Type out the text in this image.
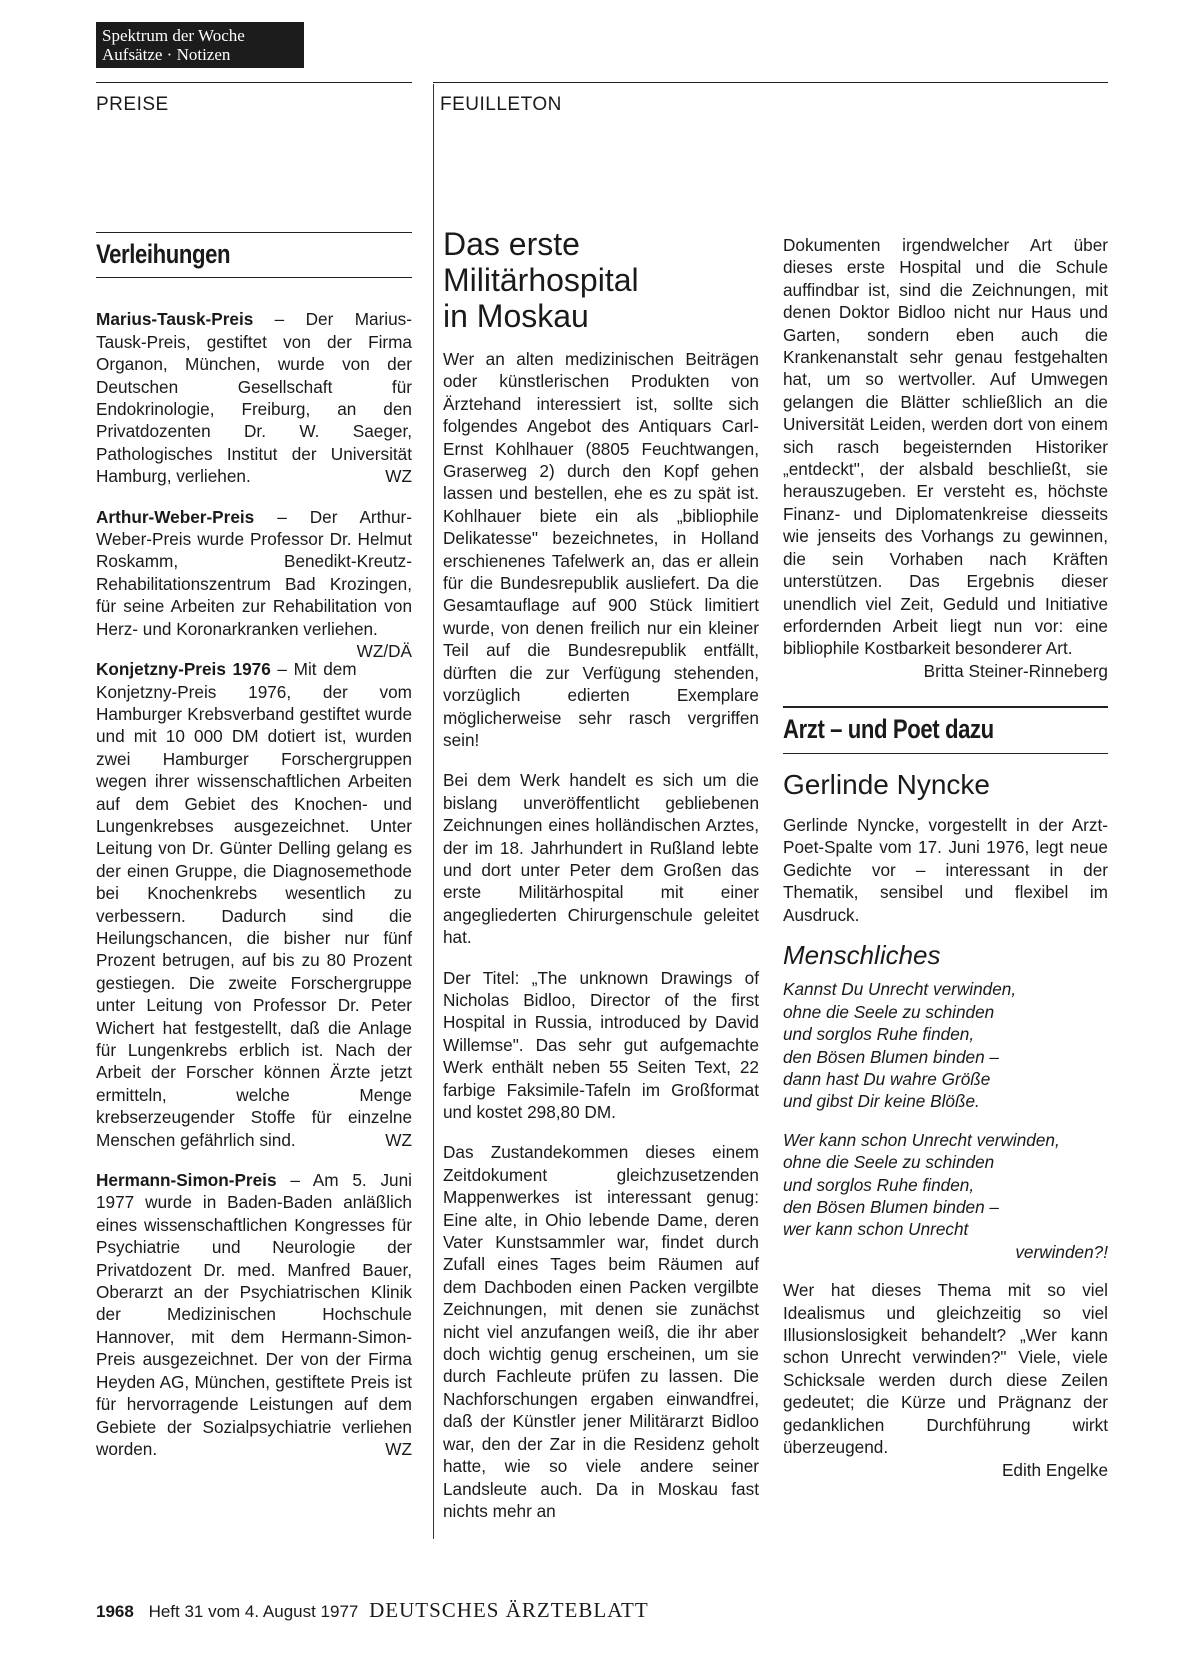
Spektrum der Woche
Aufsätze · Notizen
PREISE	FEUILLETON
Verleihungen

Marius-Tausk-Preis – Der Marius-Tausk-Preis, gestiftet von der Firma Organon, München, wurde von der Deutschen Gesellschaft für Endokrinologie, Freiburg, an den Privatdozenten Dr. W. Saeger, Pathologisches Institut der Universität Hamburg, verliehen.	WZ

Arthur-Weber-Preis – Der Arthur-Weber-Preis wurde Professor Dr. Helmut Roskamm, Benedikt-Kreutz-Rehabilitationszentrum Bad Krozingen, für seine Arbeiten zur Rehabilitation von Herz- und Koronarkranken verliehen.
WZ/DÄ

Konjetzny-Preis 1976 – Mit dem Konjetzny-Preis 1976, der vom Hamburger Krebsverband gestiftet wurde und mit 10 000 DM dotiert ist, wurden zwei Hamburger Forschergruppen wegen ihrer wissenschaftlichen Arbeiten auf dem Gebiet des Knochen- und Lungenkrebses ausgezeichnet. Unter Leitung von Dr. Günter Delling gelang es der einen Gruppe, die Diagnosemethode bei Knochenkrebs wesentlich zu verbessern. Dadurch sind die Heilungschancen, die bisher nur fünf Prozent betrugen, auf bis zu 80 Prozent gestiegen. Die zweite Forschergruppe unter Leitung von Professor Dr. Peter Wichert hat festgestellt, daß die Anlage für Lungenkrebs erblich ist. Nach der Arbeit der Forscher können Ärzte jetzt ermitteln, welche Menge krebserzeugender Stoffe für einzelne Menschen gefährlich sind.	WZ

Hermann-Simon-Preis – Am 5. Juni 1977 wurde in Baden-Baden anläßlich eines wissenschaftlichen Kongresses für Psychiatrie und Neurologie der Privatdozent Dr. med. Manfred Bauer, Oberarzt an der Psychiatrischen Klinik der Medizinischen Hochschule Hannover, mit dem Hermann-Simon-Preis ausgezeichnet. Der von der Firma Heyden AG, München, gestiftete Preis ist für hervorragende Leistungen auf dem Gebiete der Sozialpsychiatrie verliehen worden.	WZ

Das erste
Militärhospital
in Moskau

Wer an alten medizinischen Beiträgen oder künstlerischen Produkten von Ärztehand interessiert ist, sollte sich folgendes Angebot des Antiquars Carl-Ernst Kohlhauer (8805 Feuchtwangen, Graserweg 2) durch den Kopf gehen lassen und bestellen, ehe es zu spät ist. Kohlhauer biete ein als „bibliophile Delikatesse" bezeichnetes, in Holland erschienenes Tafelwerk an, das er allein für die Bundesrepublik ausliefert. Da die Gesamtauflage auf 900 Stück limitiert wurde, von denen freilich nur ein kleiner Teil auf die Bundesrepublik entfällt, dürften die zur Verfügung stehenden, vorzüglich edierten Exemplare möglicherweise sehr rasch vergriffen sein!

Bei dem Werk handelt es sich um die bislang unveröffentlicht gebliebenen Zeichnungen eines holländischen Arztes, der im 18. Jahrhundert in Rußland lebte und dort unter Peter dem Großen das erste Militärhospital mit einer angegliederten Chirurgenschule geleitet hat.

Der Titel: „The unknown Drawings of Nicholas Bidloo, Director of the first Hospital in Russia, introduced by David Willemse". Das sehr gut aufgemachte Werk enthält neben 55 Seiten Text, 22 farbige Faksimile-Tafeln im Großformat und kostet 298,80 DM.

Das Zustandekommen dieses einem Zeitdokument gleichzusetzenden Mappenwerkes ist interessant genug: Eine alte, in Ohio lebende Dame, deren Vater Kunstsammler war, findet durch Zufall eines Tages beim Räumen auf dem Dachboden einen Packen vergilbte Zeichnungen, mit denen sie zunächst nicht viel anzufangen weiß, die ihr aber doch wichtig genug erscheinen, um sie durch Fachleute prüfen zu lassen. Die Nachforschungen ergaben einwandfrei, daß der Künstler jener Militärarzt Bidloo war, den der Zar in die Residenz geholt hatte, wie so viele andere seiner Landsleute auch. Da in Moskau fast nichts mehr an

Dokumenten irgendwelcher Art über dieses erste Hospital und die Schule auffindbar ist, sind die Zeichnungen, mit denen Doktor Bidloo nicht nur Haus und Garten, sondern eben auch die Krankenanstalt sehr genau festgehalten hat, um so wertvoller. Auf Umwegen gelangen die Blätter schließlich an die Universität Leiden, werden dort von einem sich rasch begeisternden Historiker „entdeckt", der alsbald beschließt, sie herauszugeben. Er versteht es, höchste Finanz- und Diplomatenkreise diesseits wie jenseits des Vorhangs zu gewinnen, die sein Vorhaben nach Kräften unterstützen. Das Ergebnis dieser unendlich viel Zeit, Geduld und Initiative erfordernden Arbeit liegt nun vor: eine bibliophile Kostbarkeit besonderer Art.

Britta Steiner-Rinneberg
Arzt – und Poet dazu
Gerlinde Nyncke

Gerlinde Nyncke, vorgestellt in der Arzt-Poet-Spalte vom 17. Juni 1976, legt neue Gedichte vor – interessant in der Thematik, sensibel und flexibel im Ausdruck.

Menschliches
Kannst Du Unrecht verwinden,
ohne die Seele zu schinden
und sorglos Ruhe finden,
den Bösen Blumen binden –
dann hast Du wahre Größe
und gibst Dir keine Blöße.
Wer kann schon Unrecht verwinden,
ohne die Seele zu schinden
und sorglos Ruhe finden,
den Bösen Blumen binden –
wer kann schon Unrecht
verwinden?!

Wer hat dieses Thema mit so viel Idealismus und gleichzeitig so viel Illusionslosigkeit behandelt? „Wer kann schon Unrecht verwinden?" Viele, viele Schicksale werden durch diese Zeilen gedeutet; die Kürze und Prägnanz der gedanklichen Durchführung wirkt überzeugend.

Edith Engelke
1968 Heft 31 vom 4. August 1977 DEUTSCHES ÄRZTEBLATT
